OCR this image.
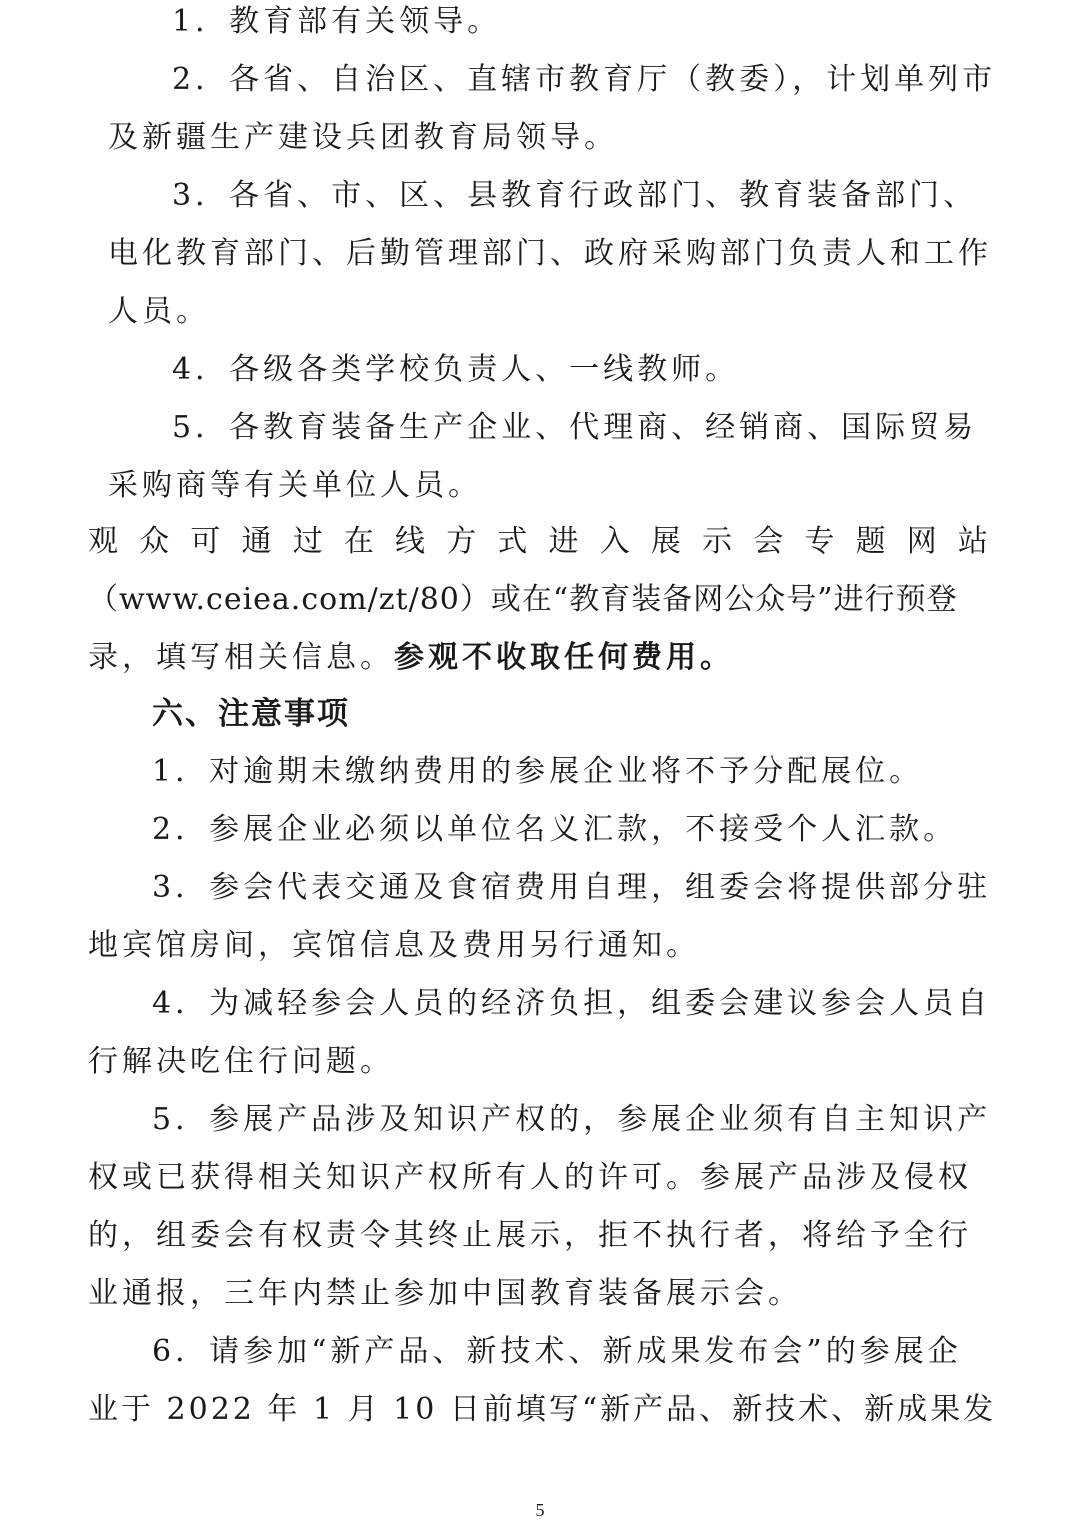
1．教育部有关领导。
2．各省、自治区、直辖市教育厅（教委），计划单列市
及新疆生产建设兵团教育局领导。
3．各省、市、区、县教育行政部门、教育装备部门、
电化教育部门、后勤管理部门、政府采购部门负责人和工作
人员。
4．各级各类学校负责人、一线教师。
5．各教育装备生产企业、代理商、经销商、国际贸易
采购商等有关单位人员。
观 众 可 通 过 在 线 方 式 进 入 展 示 会 专 题 网 站
（www.ceiea.com/zt/80）或在“教育装备网公众号”进行预登
录，填写相关信息。参观不收取任何费用。
六、注意事项
1．对逾期未缴纳费用的参展企业将不予分配展位。
2．参展企业必须以单位名义汇款，不接受个人汇款。
3．参会代表交通及食宿费用自理，组委会将提供部分驻
地宾馆房间，宾馆信息及费用另行通知。
4．为减轻参会人员的经济负担，组委会建议参会人员自
行解决吃住行问题。
5．参展产品涉及知识产权的，参展企业须有自主知识产
权或已获得相关知识产权所有人的许可。参展产品涉及侵权
的，组委会有权责令其终止展示，拒不执行者，将给予全行
业通报，三年内禁止参加中国教育装备展示会。
6．请参加“新产品、新技术、新成果发布会”的参展企
业于 2022 年 1 月 10 日前填写“新产品、新技术、新成果发
5
